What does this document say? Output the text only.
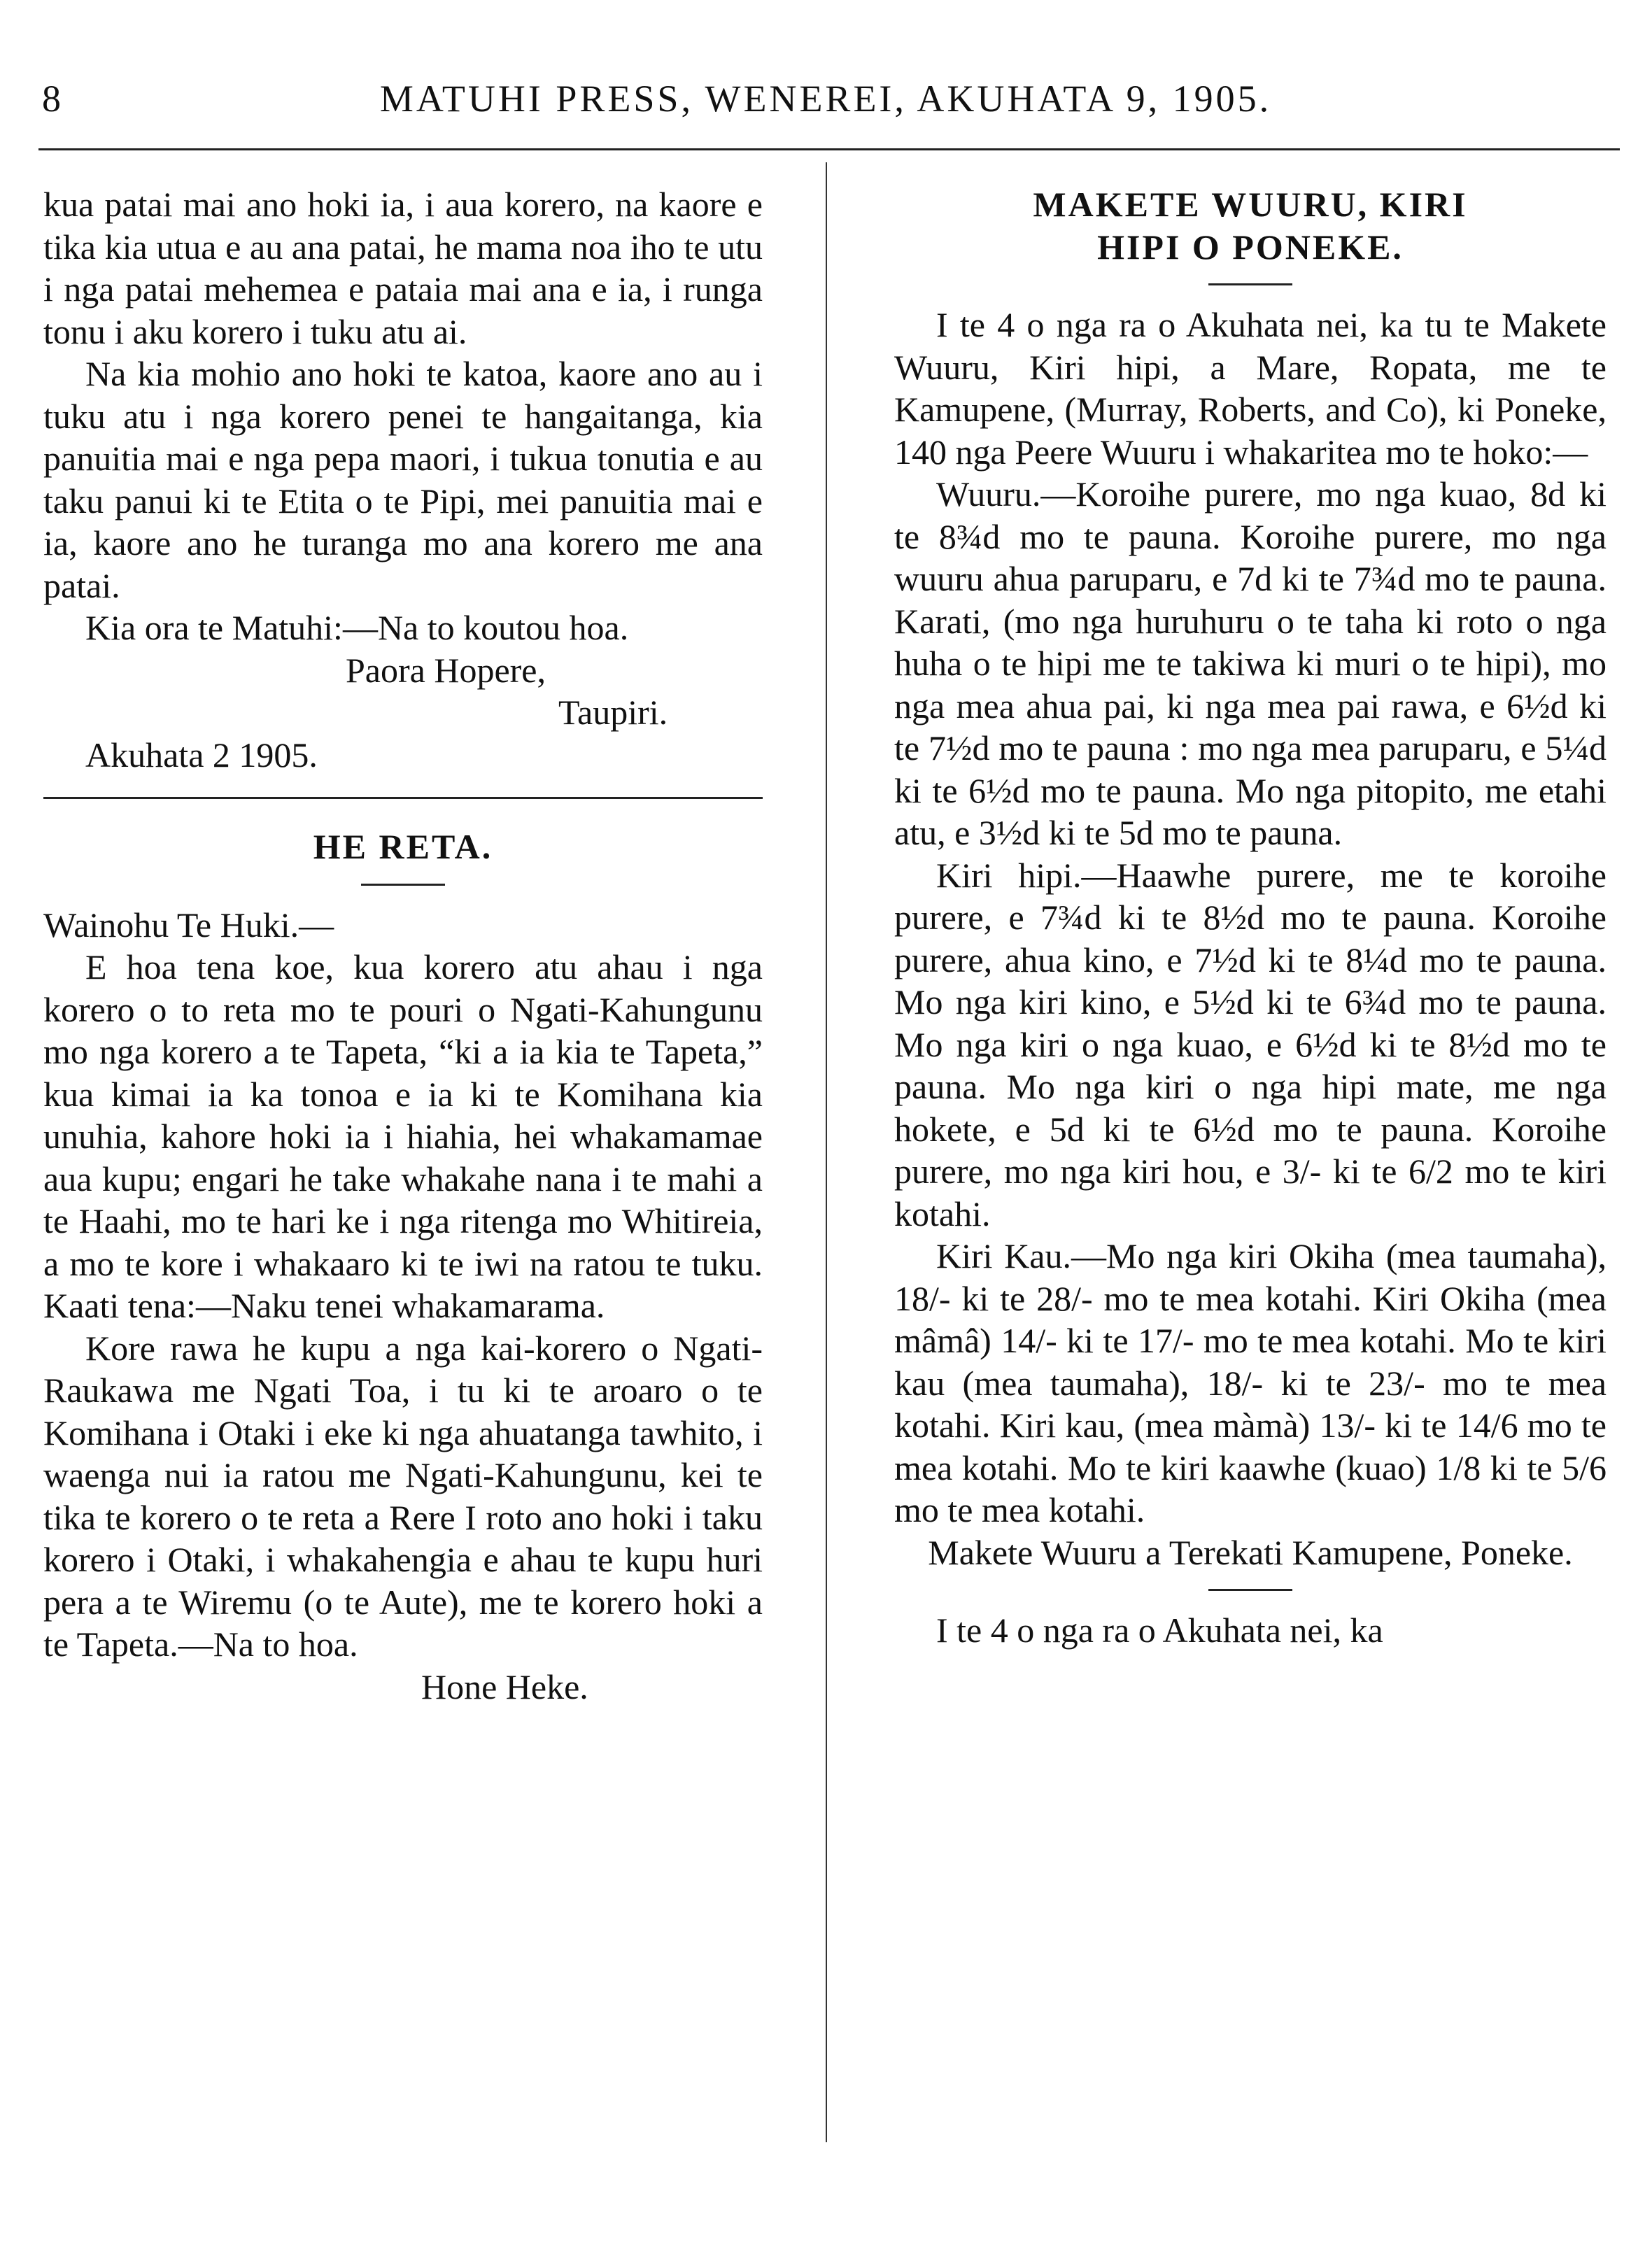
8	MATUHI PRESS, WENEREI, AKUHATA 9, 1905.

kua patai mai ano hoki ia, i aua korero, na kaore e tika kia utua e au ana patai, he mama noa iho te utu i nga patai mehemea e pataia mai ana e ia, i runga tonu i aku korero i tuku atu ai.

Na kia mohio ano hoki te katoa, kaore ano au i tuku atu i nga korero penei te hangaitanga, kia panuitia mai e nga pepa maori, i tukua tonutia e au taku panui ki te Etita o te Pipi, mei panuitia mai e ia, kaore ano he turanga mo ana korero me ana patai.

Kia ora te Matuhi:—Na to koutou hoa.

Paora Hopere,

Taupiri.

Akuhata 2 1905.

HE RETA.

Wainohu Te Huki.—

E hoa tena koe, kua korero atu ahau i nga korero o to reta mo te pouri o Ngati-Kahungunu mo nga korero a te Tapeta, “ki a ia kia te Tapeta,” kua kimai ia ka tonoa e ia ki te Komihana kia unuhia, kahore hoki ia i hiahia, hei whakamamae aua kupu; engari he take whakahe nana i te mahi a te Haahi, mo te hari ke i nga ritenga mo Whitireia, a mo te kore i whakaaro ki te iwi na ratou te tuku. Kaati tena:—Naku tenei whakamarama.

Kore rawa he kupu a nga kai-korero o Ngati-Raukawa me Ngati Toa, i tu ki te aroaro o te Komihana i Otaki i eke ki nga ahuatanga tawhito, i waenga nui ia ratou me Ngati-Kahungunu, kei te tika te korero o te reta a Rere I roto ano hoki i taku korero i Otaki, i whakahengia e ahau te kupu huri pera a te Wiremu (o te Aute), me te korero hoki a te Tapeta.—Na to hoa.

Hone Heke.

MAKETE WUURU, KIRI
HIPI O PONEKE.

I te 4 o nga ra o Akuhata nei, ka tu te Makete Wuuru, Kiri hipi, a Mare, Ropata, me te Kamupene, (Murray, Roberts, and Co), ki Poneke, 140 nga Peere Wuuru i whakaritea mo te hoko:—

Wuuru.—Koroihe purere, mo nga kuao, 8d ki te 8¾d mo te pauna. Koroihe purere, mo nga wuuru ahua paruparu, e 7d ki te 7¾d mo te pauna. Karati, (mo nga huruhuru o te taha ki roto o nga huha o te hipi me te takiwa ki muri o te hipi), mo nga mea ahua pai, ki nga mea pai rawa, e 6½d ki te 7½d mo te pauna : mo nga mea paruparu, e 5¼d ki te 6½d mo te pauna. Mo nga pitopito, me etahi atu, e 3½d ki te 5d mo te pauna.

Kiri hipi.—Haawhe purere, me te koroihe purere, e 7¾d ki te 8½d mo te pauna. Koroihe purere, ahua kino, e 7½d ki te 8¼d mo te pauna. Mo nga kiri kino, e 5½d ki te 6¾d mo te pauna. Mo nga kiri o nga kuao, e 6½d ki te 8½d mo te pauna. Mo nga kiri o nga hipi mate, me nga hokete, e 5d ki te 6½d mo te pauna. Koroihe purere, mo nga kiri hou, e 3/- ki te 6/2 mo te kiri kotahi.

Kiri Kau.—Mo nga kiri Okiha (mea taumaha), 18/- ki te 28/- mo te mea kotahi. Kiri Okiha (mea mâmâ) 14/- ki te 17/- mo te mea kotahi. Mo te kiri kau (mea taumaha), 18/- ki te 23/- mo te mea kotahi. Kiri kau, (mea màmà) 13/- ki te 14/6 mo te mea kotahi. Mo te kiri kaawhe (kuao) 1/8 ki te 5/6 mo te mea kotahi.

Makete Wuuru a Terekati Kamupene, Poneke.

I te 4 o nga ra o Akuhata nei, ka
